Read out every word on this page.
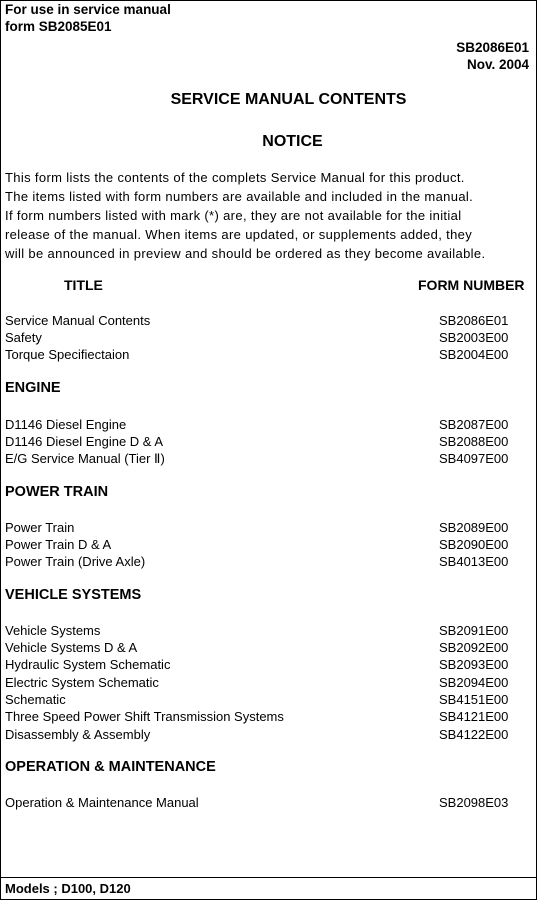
For use in service manual
form SB2085E01
SB2086E01
Nov. 2004
SERVICE MANUAL CONTENTS
NOTICE
This form lists the contents of the complets Service Manual for this product.
The items listed with form numbers are available and included in the manual.
If form numbers listed with mark (*) are, they are not available for the initial
release of the manual. When items are updated, or supplements added, they
will be announced in preview and should be ordered as they become available.
TITLE	FORM NUMBER
Service Manual Contents	SB2086E01
Safety	SB2003E00
Torque Specifiectaion	SB2004E00
ENGINE
D1146 Diesel Engine	SB2087E00
D1146 Diesel Engine D & A	SB2088E00
E/G Service Manual (Tier Ⅱ)	SB4097E00
POWER TRAIN
Power Train	SB2089E00
Power Train D & A	SB2090E00
Power Train (Drive Axle)	SB4013E00
VEHICLE SYSTEMS
Vehicle Systems	SB2091E00
Vehicle Systems D & A	SB2092E00
Hydraulic System Schematic	SB2093E00
Electric System Schematic	SB2094E00
Schematic	SB4151E00
Three Speed Power Shift Transmission Systems	SB4121E00
Disassembly & Assembly	SB4122E00
OPERATION & MAINTENANCE
Operation & Maintenance Manual	SB2098E03
Models ; D100, D120
